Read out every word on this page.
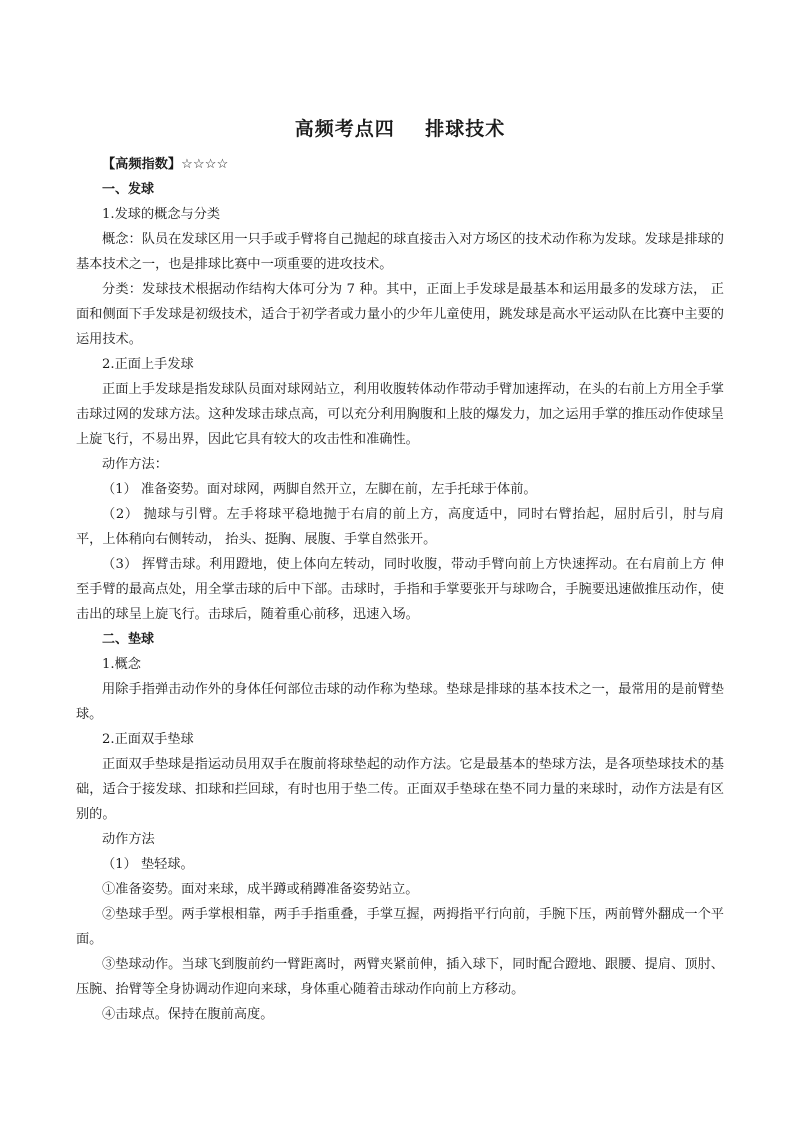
高频考点四    排球技术

【高频指数】☆☆☆☆

一、发球

1.发球的概念与分类

概念：队员在发球区用一只手或手臂将自己抛起的球直接击入对方场区的技术动作称为发球。发球是排球的基本技术之一，也是排球比赛中一项重要的进攻技术。

分类：发球技术根据动作结构大体可分为 7 种。其中，正面上手发球是最基本和运用最多的发球方法， 正面和侧面下手发球是初级技术，适合于初学者或力量小的少年儿童使用，跳发球是高水平运动队在比赛中主要的运用技术。

2.正面上手发球

正面上手发球是指发球队员面对球网站立，利用收腹转体动作带动手臂加速挥动，在头的右前上方用全手掌击球过网的发球方法。这种发球击球点高，可以充分利用胸腹和上肢的爆发力，加之运用手掌的推压动作使球呈上旋飞行，不易出界，因此它具有较大的攻击性和准确性。

动作方法：

（1） 准备姿势。面对球网，两脚自然开立，左脚在前，左手托球于体前。

（2） 抛球与引臂。左手将球平稳地抛于右肩的前上方，高度适中，同时右臂抬起，屈肘后引，肘与肩 平，上体稍向右侧转动， 抬头、挺胸、展腹、手掌自然张开。

（3） 挥臂击球。利用蹬地，使上体向左转动，同时收腹，带动手臂向前上方快速挥动。在右肩前上方 伸至手臂的最高点处，用全掌击球的后中下部。击球时，手指和手掌要张开与球吻合，手腕要迅速做推压动作，使击出的球呈上旋飞行。击球后，随着重心前移，迅速入场。

二、垫球

1.概念

用除手指弹击动作外的身体任何部位击球的动作称为垫球。垫球是排球的基本技术之一，最常用的是前臂垫球。

2.正面双手垫球

正面双手垫球是指运动员用双手在腹前将球垫起的动作方法。它是最基本的垫球方法，是各项垫球技术的基础，适合于接发球、扣球和拦回球，有时也用于垫二传。正面双手垫球在垫不同力量的来球时，动作方法是有区别的。

动作方法

（1） 垫轻球。

①准备姿势。面对来球，成半蹲或稍蹲准备姿势站立。

②垫球手型。两手掌根相靠，两手手指重叠，手掌互握，两拇指平行向前，手腕下压，两前臂外翻成一个平面。

③垫球动作。当球飞到腹前约一臂距离时，两臂夹紧前伸，插入球下，同时配合蹬地、跟腰、提肩、顶肘、压腕、抬臂等全身协调动作迎向来球，身体重心随着击球动作向前上方移动。

④击球点。保持在腹前高度。
